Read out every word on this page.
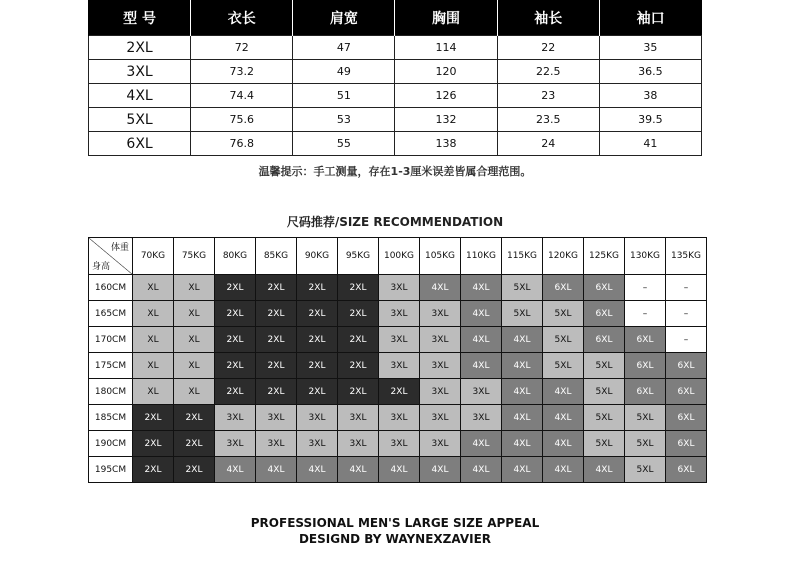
型 号	衣长	肩宽	胸围	袖长	袖口
2XL	72	47	114	22	35
3XL	73.2	49	120	22.5	36.5
4XL	74.4	51	126	23	38
5XL	75.6	53	132	23.5	39.5
6XL	76.8	55	138	24	41
温馨提示：手工测量，存在1-3厘米误差皆属合理范围。
尺码推荐/SIZE RECOMMENDATION
体重
身高	70KG	75KG	80KG	85KG	90KG	95KG	100KG	105KG	110KG	115KG	120KG	125KG	130KG	135KG
160CM	XL	XL	2XL	2XL	2XL	2XL	3XL	4XL	4XL	5XL	6XL	6XL	–	–
165CM	XL	XL	2XL	2XL	2XL	2XL	3XL	3XL	4XL	5XL	5XL	6XL	–	–
170CM	XL	XL	2XL	2XL	2XL	2XL	3XL	3XL	4XL	4XL	5XL	6XL	6XL	–
175CM	XL	XL	2XL	2XL	2XL	2XL	3XL	3XL	4XL	4XL	5XL	5XL	6XL	6XL
180CM	XL	XL	2XL	2XL	2XL	2XL	2XL	3XL	3XL	4XL	4XL	5XL	6XL	6XL
185CM	2XL	2XL	3XL	3XL	3XL	3XL	3XL	3XL	3XL	4XL	4XL	5XL	5XL	6XL
190CM	2XL	2XL	3XL	3XL	3XL	3XL	3XL	3XL	4XL	4XL	4XL	5XL	5XL	6XL
195CM	2XL	2XL	4XL	4XL	4XL	4XL	4XL	4XL	4XL	4XL	4XL	4XL	5XL	6XL
PROFESSIONAL MEN'S LARGE SIZE APPEAL
DESIGND BY WAYNEXZAVIER
